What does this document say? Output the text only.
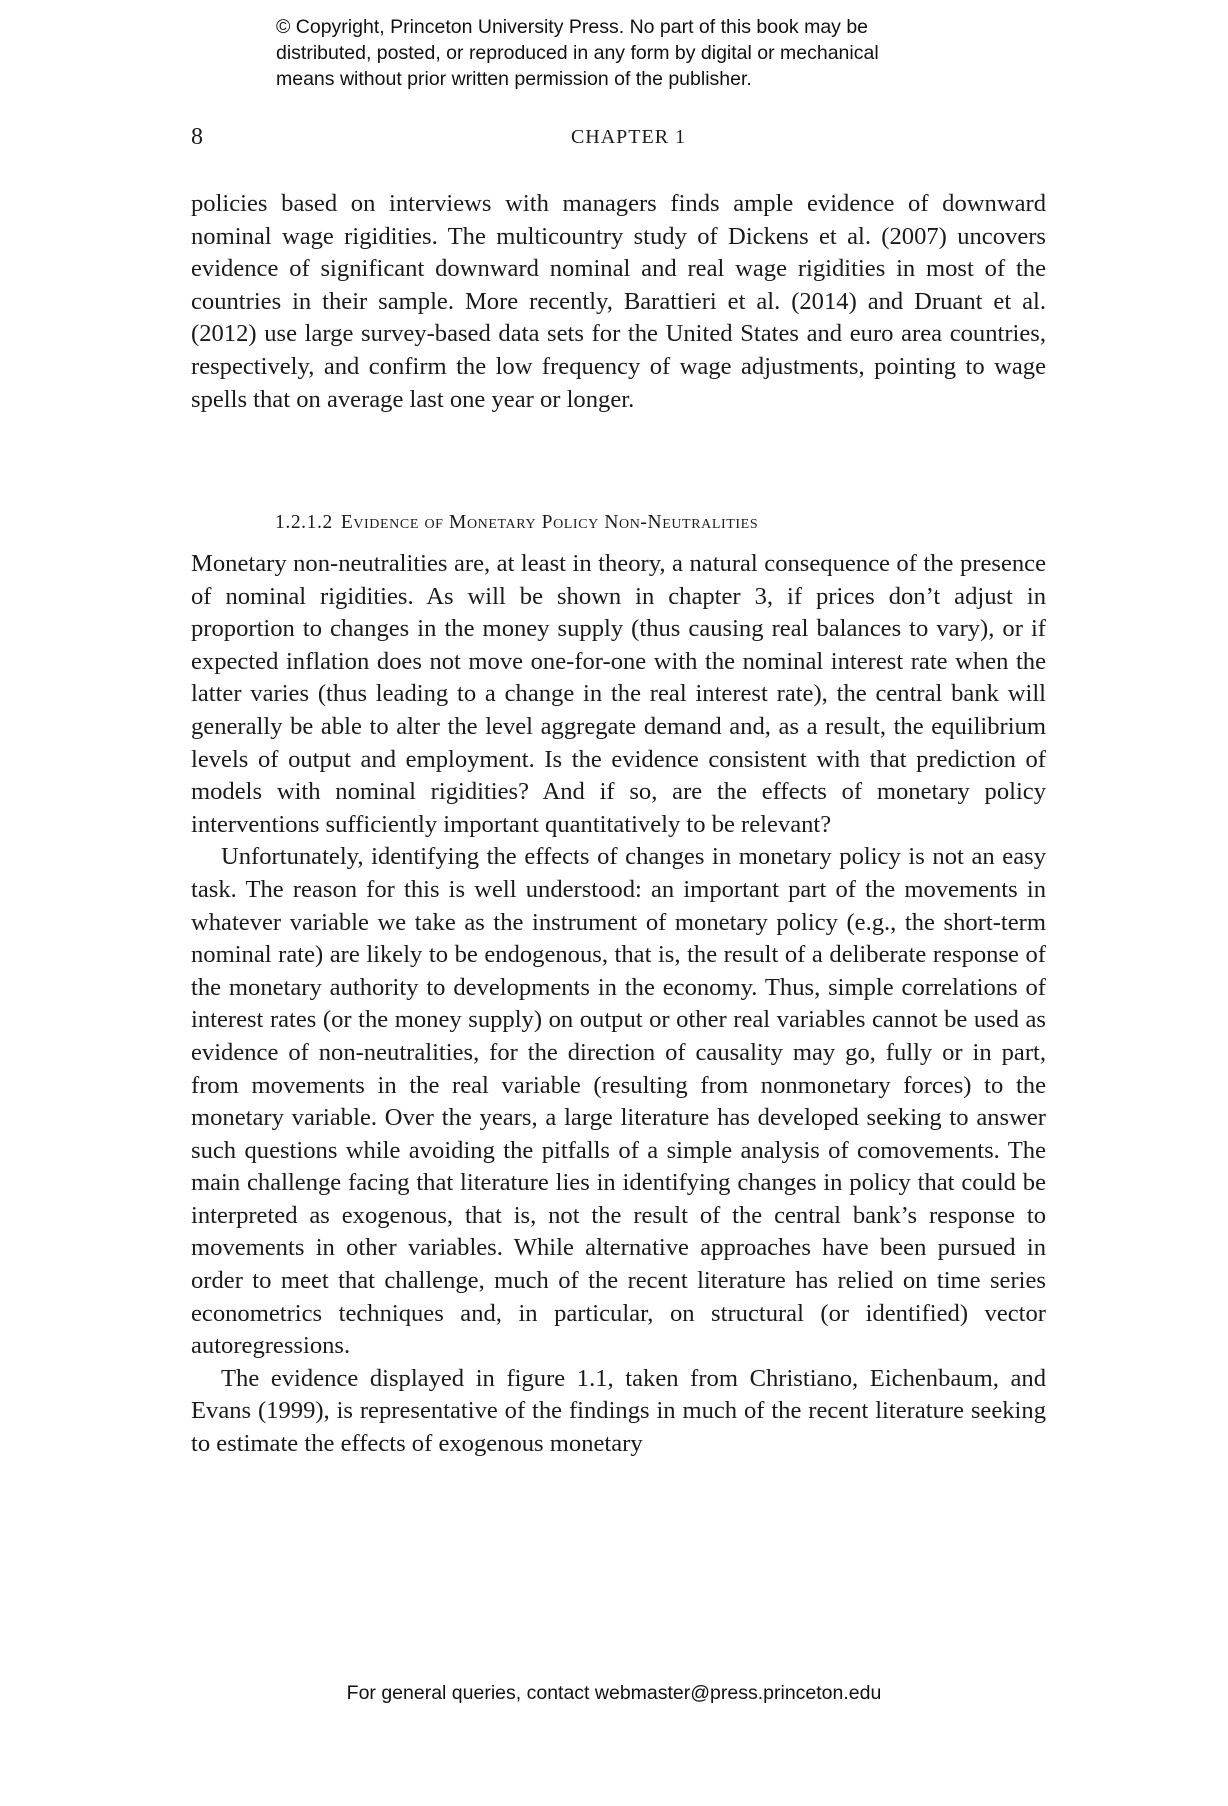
© Copyright, Princeton University Press. No part of this book may be
distributed, posted, or reproduced in any form by digital or mechanical
means without prior written permission of the publisher.
8	CHAPTER 1

policies based on interviews with managers finds ample evidence of downward nominal wage rigidities. The multicountry study of Dickens et al. (2007) uncovers evidence of significant downward nominal and real wage rigidities in most of the countries in their sample. More recently, Barattieri et al. (2014) and Druant et al. (2012) use large survey-based data sets for the United States and euro area countries, respectively, and confirm the low frequency of wage adjustments, pointing to wage spells that on average last one year or longer.

1.2.1.2 Evidence of Monetary Policy Non-Neutralities

Monetary non-neutralities are, at least in theory, a natural consequence of the presence of nominal rigidities. As will be shown in chapter 3, if prices don’t adjust in proportion to changes in the money supply (thus causing real balances to vary), or if expected inflation does not move one-for-one with the nominal interest rate when the latter varies (thus leading to a change in the real interest rate), the central bank will generally be able to alter the level aggregate demand and, as a result, the equilibrium levels of output and employment. Is the evidence consistent with that prediction of models with nominal rigidities? And if so, are the effects of monetary policy interventions sufficiently important quantitatively to be relevant?

Unfortunately, identifying the effects of changes in monetary policy is not an easy task. The reason for this is well understood: an important part of the movements in whatever variable we take as the instrument of monetary policy (e.g., the short-term nominal rate) are likely to be endogenous, that is, the result of a deliberate response of the monetary authority to developments in the economy. Thus, simple correlations of interest rates (or the money supply) on output or other real variables cannot be used as evidence of non-neutralities, for the direction of causality may go, fully or in part, from movements in the real variable (resulting from nonmonetary forces) to the monetary variable. Over the years, a large literature has developed seeking to answer such questions while avoiding the pitfalls of a simple analysis of comovements. The main challenge facing that literature lies in identifying changes in policy that could be interpreted as exogenous, that is, not the result of the central bank’s response to movements in other variables. While alternative approaches have been pursued in order to meet that challenge, much of the recent literature has relied on time series econometrics techniques and, in particular, on structural (or identified) vector autoregressions.

The evidence displayed in figure 1.1, taken from Christiano, Eichenbaum, and Evans (1999), is representative of the findings in much of the recent literature seeking to estimate the effects of exogenous monetary

For general queries, contact webmaster@press.princeton.edu
